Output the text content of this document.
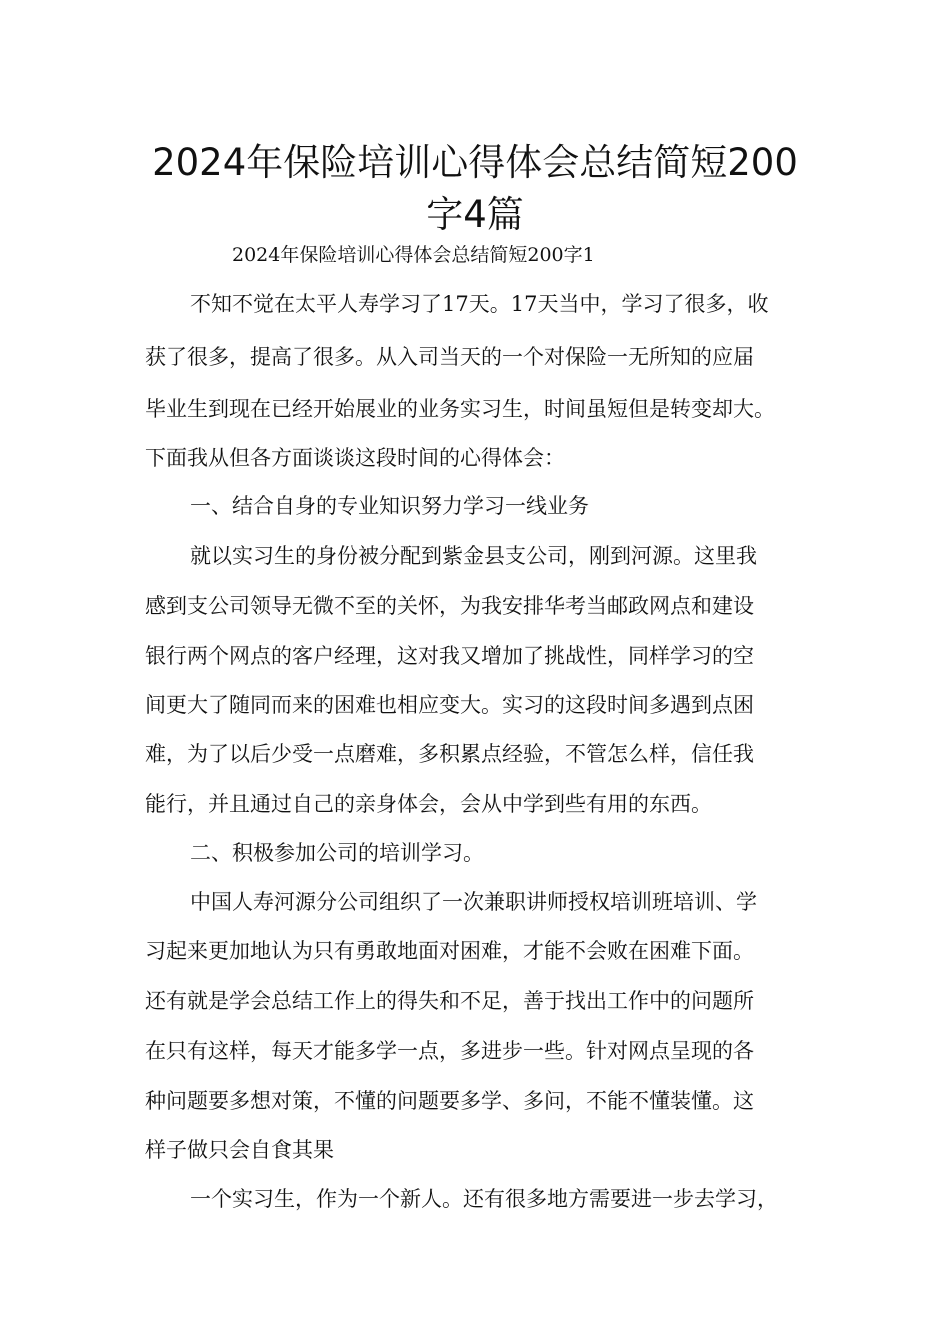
2024年保险培训心得体会总结简短200
字4篇
2024年保险培训心得体会总结简短200字1
不知不觉在太平人寿学习了17天。17天当中，学习了很多，收
获了很多，提高了很多。从入司当天的一个对保险一无所知的应届
毕业生到现在已经开始展业的业务实习生，时间虽短但是转变却大。
下面我从但各方面谈谈这段时间的心得体会：
一、结合自身的专业知识努力学习一线业务
就以实习生的身份被分配到紫金县支公司，刚到河源。这里我
感到支公司领导无微不至的关怀，为我安排华考当邮政网点和建设
银行两个网点的客户经理，这对我又增加了挑战性，同样学习的空
间更大了随同而来的困难也相应变大。实习的这段时间多遇到点困
难，为了以后少受一点磨难，多积累点经验，不管怎么样，信任我
能行，并且通过自己的亲身体会，会从中学到些有用的东西。
二、积极参加公司的培训学习。
中国人寿河源分公司组织了一次兼职讲师授权培训班培训、学
习起来更加地认为只有勇敢地面对困难，才能不会败在困难下面。
还有就是学会总结工作上的得失和不足，善于找出工作中的问题所
在只有这样，每天才能多学一点，多进步一些。针对网点呈现的各
种问题要多想对策，不懂的问题要多学、多问，不能不懂装懂。这
样子做只会自食其果
一个实习生，作为一个新人。还有很多地方需要进一步去学习，
